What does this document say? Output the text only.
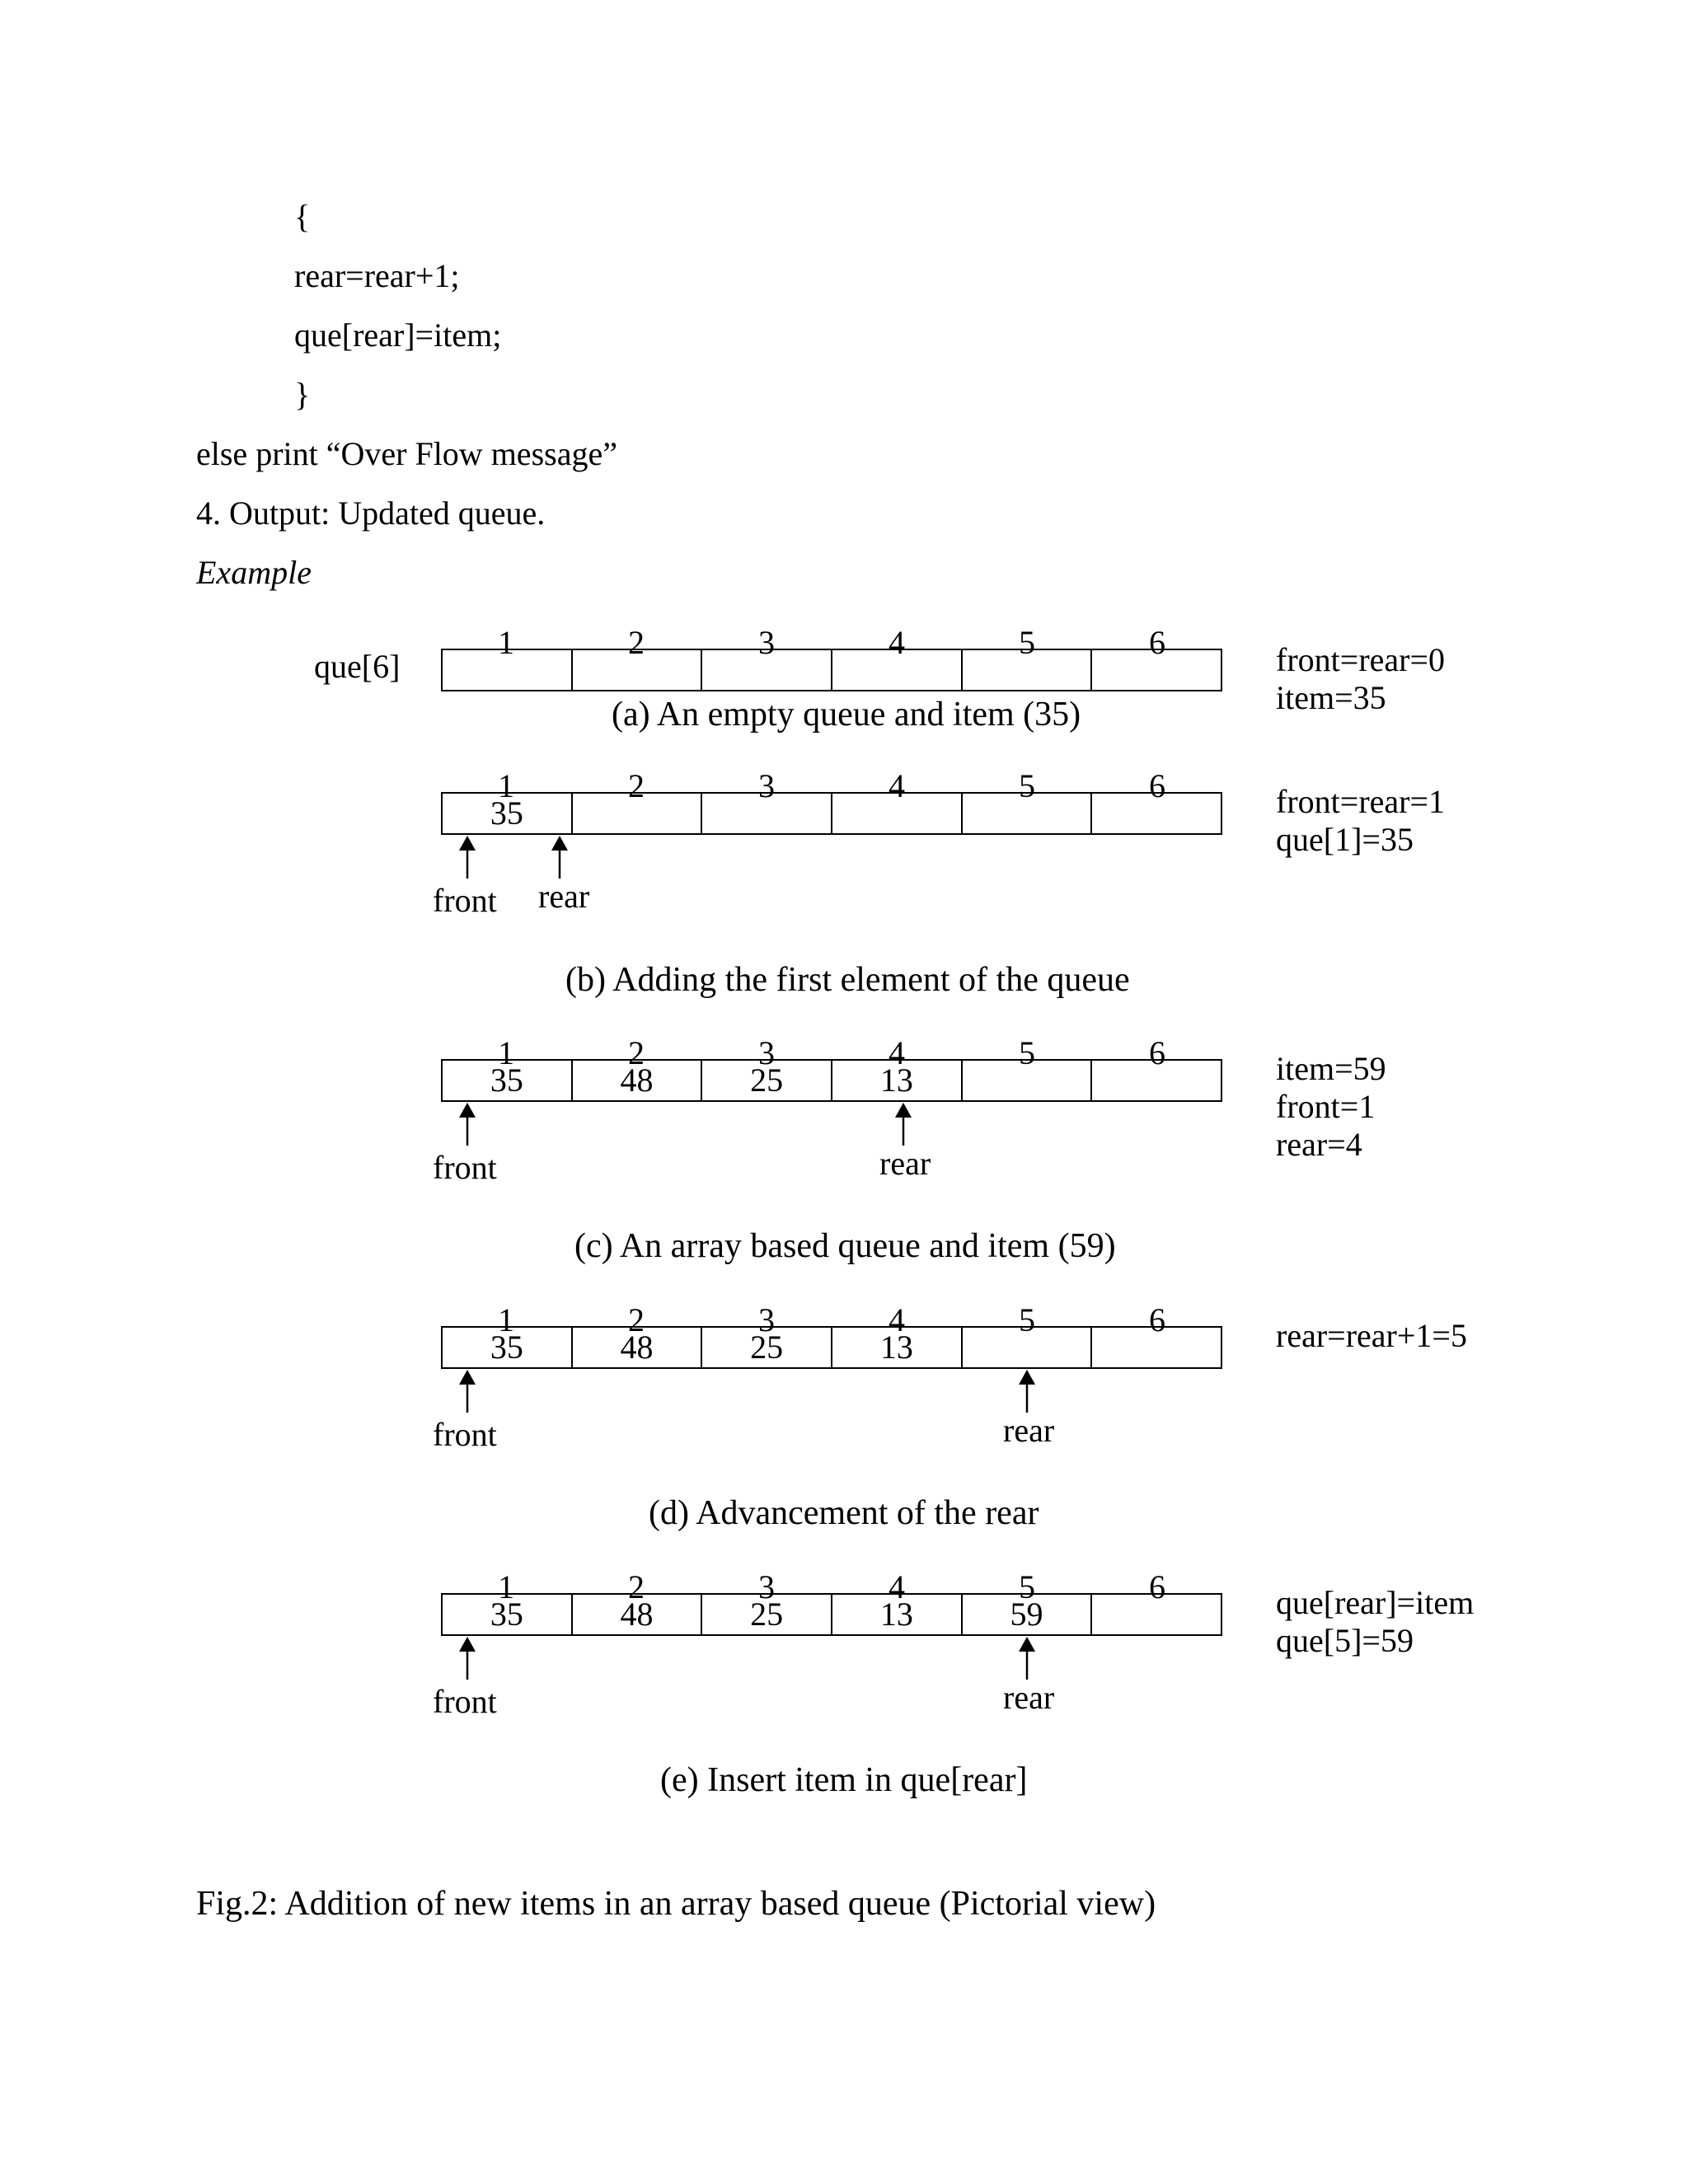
{
rear=rear+1;
que[rear]=item;
}
else print “Over Flow message”
4. Output: Updated queue.
Example
que[6]
1	2	3	4	5	6	front=rear=0
item=35
(a) An empty queue and item (35)
1	2	3	4	5	6
35
front rear
front=rear=1
que[1]=35
(b) Adding the first element of the queue
1	2	3	4	5	6
35	48	25	13
front	rear
item=59
front=1
rear=4
(c) An array based queue and item (59)
1	2	3	4	5	6
35	48	25	13
front	rear
rear=rear+1=5
(d) Advancement of the rear
1	2	3	4	5	6
35	48	25	13	59
front	rear
que[rear]=item
que[5]=59
(e) Insert item in que[rear]
Fig.2: Addition of new items in an array based queue (Pictorial view)
